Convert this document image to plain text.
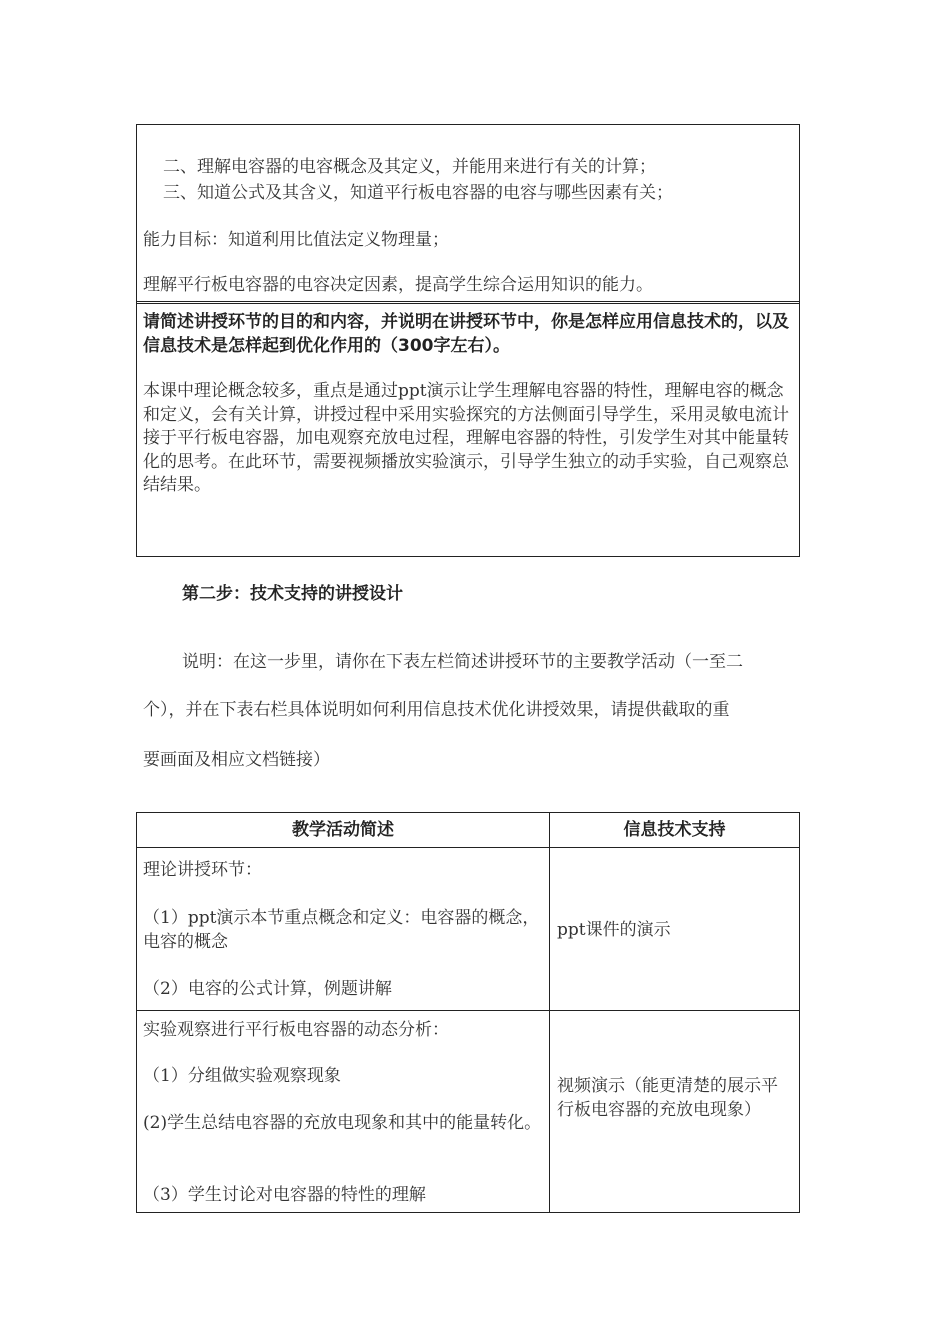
二、理解电容器的电容概念及其定义，并能用来进行有关的计算；
三、知道公式及其含义，知道平行板电容器的电容与哪些因素有关；
能力目标：知道利用比值法定义物理量；
理解平行板电容器的电容决定因素，提高学生综合运用知识的能力。
请简述讲授环节的目的和内容，并说明在讲授环节中，你是怎样应用信息技术的，以及信息技术是怎样起到优化作用的（300字左右）。
本课中理论概念较多，重点是通过ppt演示让学生理解电容器的特性，理解电容的概念和定义，会有关计算，讲授过程中采用实验探究的方法侧面引导学生，采用灵敏电流计接于平行板电容器，加电观察充放电过程，理解电容器的特性，引发学生对其中能量转化的思考。在此环节，需要视频播放实验演示，引导学生独立的动手实验，自己观察总结结果。
第二步：技术支持的讲授设计
说明：在这一步里，请你在下表左栏简述讲授环节的主要教学活动（一至二
个），并在下表右栏具体说明如何利用信息技术优化讲授效果，请提供截取的重
要画面及相应文档链接）
教学活动简述	信息技术支持
理论讲授环节：
（1）ppt演示本节重点概念和定义：电容器的概念，电容的概念
（2）电容的公式计算，例题讲解
ppt课件的演示
实验观察进行平行板电容器的动态分析：
（1）分组做实验观察现象
(2)学生总结电容器的充放电现象和其中的能量转化。
（3）学生讨论对电容器的特性的理解
视频演示（能更清楚的展示平行板电容器的充放电现象）
